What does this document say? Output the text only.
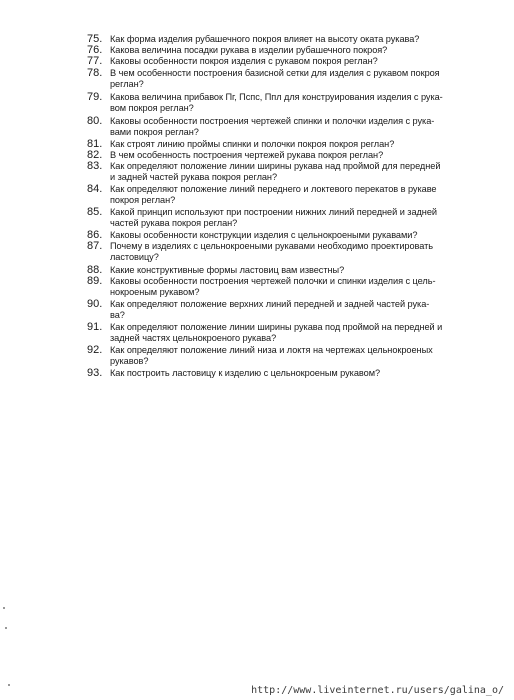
75. Как форма изделия рубашечного покроя влияет на высоту оката рукава?
76. Какова величина посадки рукава в изделии рубашечного покроя?
77. Каковы особенности покроя изделия с рукавом покроя реглан?
78. В чем особенности построения базисной сетки для изделия с рукавом покроя
реглан?
79. Какова величина прибавок Пг, Пспс, Ппл для конструирования изделия с рука-
вом покроя реглан?
80. Каковы особенности построения чертежей спинки и полочки изделия с рука-
вами покроя реглан?
81. Как строят линию проймы спинки и полочки покроя покроя реглан?
82. В чем особенность построения чертежей рукава покроя реглан?
83. Как определяют положение линии ширины рукава над проймой для передней
и задней частей рукава покроя реглан?
84. Как определяют положение линий переднего и локтевого перекатов в рукаве
покроя реглан?
85. Какой принцип используют при построении нижних линий передней и задней
частей рукава покроя реглан?
86. Каковы особенности конструкции изделия с цельнокроеными рукавами?
87. Почему в изделиях с цельнокроеными рукавами необходимо проектировать
ластовицу?
88. Какие конструктивные формы ластовиц вам известны?
89. Каковы особенности построения чертежей полочки и спинки изделия с цель-
нокроеным рукавом?
90. Как определяют положение верхних линий передней и задней частей рука-
ва?
91. Как определяют положение линии ширины рукава под проймой на передней и
задней частях цельнокроеного рукава?
92. Как определяют положение линий низа и локтя на чертежах цельнокроеных
рукавов?
93. Как построить ластовицу к изделию с цельнокроеным рукавом?
http://www.liveinternet.ru/users/galina_o/
